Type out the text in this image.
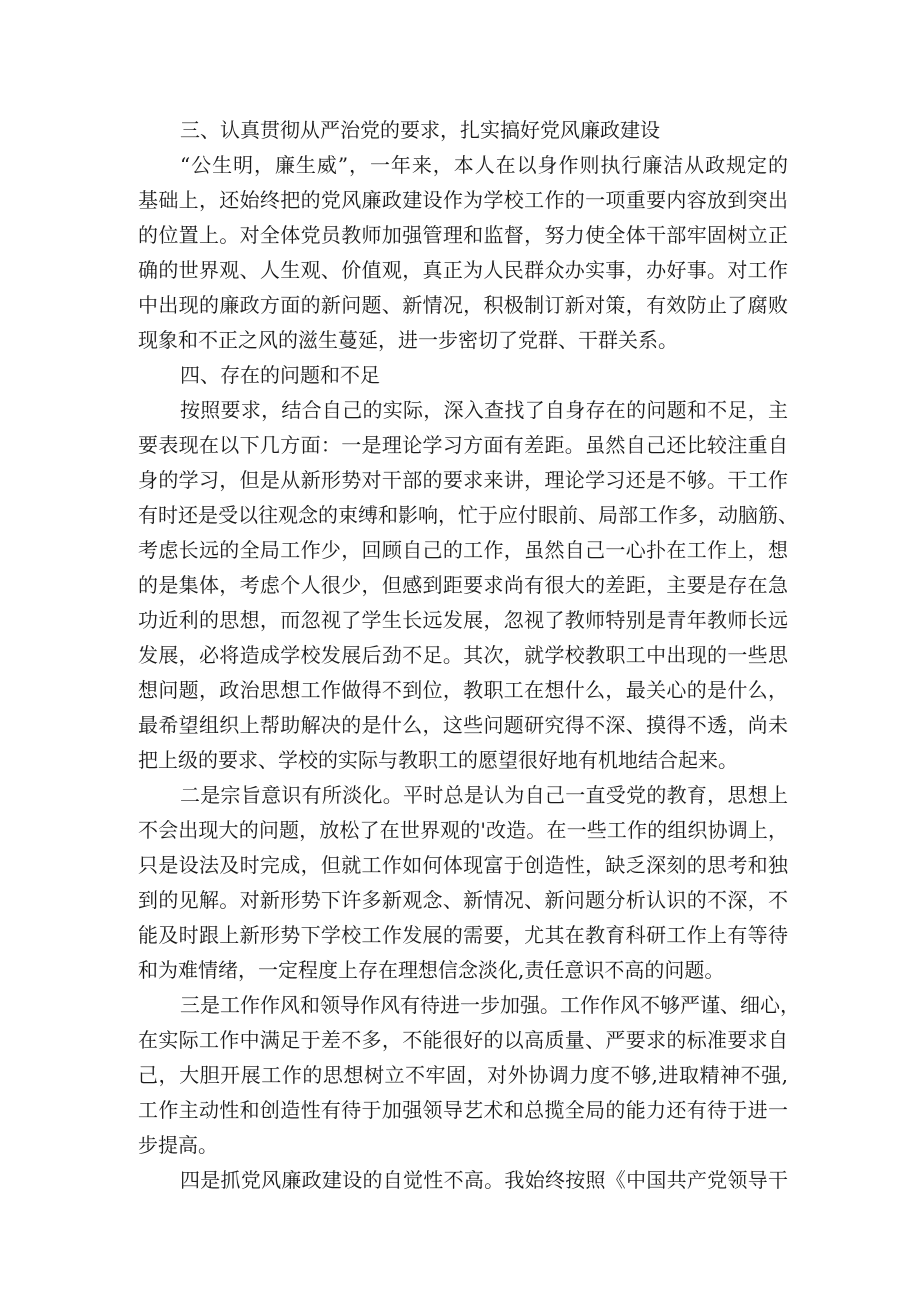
三、认真贯彻从严治党的要求，扎实搞好党风廉政建设
“公生明，廉生威”，一年来，本人在以身作则执行廉洁从政规定的
基础上，还始终把的党风廉政建设作为学校工作的一项重要内容放到突出
的位置上。对全体党员教师加强管理和监督，努力使全体干部牢固树立正
确的世界观、人生观、价值观，真正为人民群众办实事，办好事。对工作
中出现的廉政方面的新问题、新情况，积极制订新对策，有效防止了腐败
现象和不正之风的滋生蔓延，进一步密切了党群、干群关系。
四、存在的问题和不足
按照要求，结合自己的实际，深入查找了自身存在的问题和不足，主
要表现在以下几方面：一是理论学习方面有差距。虽然自己还比较注重自
身的学习，但是从新形势对干部的要求来讲，理论学习还是不够。干工作
有时还是受以往观念的束缚和影响，忙于应付眼前、局部工作多，动脑筋、
考虑长远的全局工作少，回顾自己的工作，虽然自己一心扑在工作上，想
的是集体，考虑个人很少，但感到距要求尚有很大的差距，主要是存在急
功近利的思想，而忽视了学生长远发展，忽视了教师特别是青年教师长远
发展，必将造成学校发展后劲不足。其次，就学校教职工中出现的一些思
想问题，政治思想工作做得不到位，教职工在想什么，最关心的是什么，
最希望组织上帮助解决的是什么，这些问题研究得不深、摸得不透，尚未
把上级的要求、学校的实际与教职工的愿望很好地有机地结合起来。
二是宗旨意识有所淡化。平时总是认为自己一直受党的教育，思想上
不会出现大的问题，放松了在世界观的'改造。在一些工作的组织协调上，
只是设法及时完成，但就工作如何体现富于创造性，缺乏深刻的思考和独
到的见解。对新形势下许多新观念、新情况、新问题分析认识的不深，不
能及时跟上新形势下学校工作发展的需要，尤其在教育科研工作上有等待
和为难情绪，一定程度上存在理想信念淡化,责任意识不高的问题。
三是工作作风和领导作风有待进一步加强。工作作风不够严谨、细心，
在实际工作中满足于差不多，不能很好的以高质量、严要求的标准要求自
己，大胆开展工作的思想树立不牢固，对外协调力度不够,进取精神不强,
工作主动性和创造性有待于加强领导艺术和总揽全局的能力还有待于进一
步提高。
四是抓党风廉政建设的自觉性不高。我始终按照《中国共产党领导干
